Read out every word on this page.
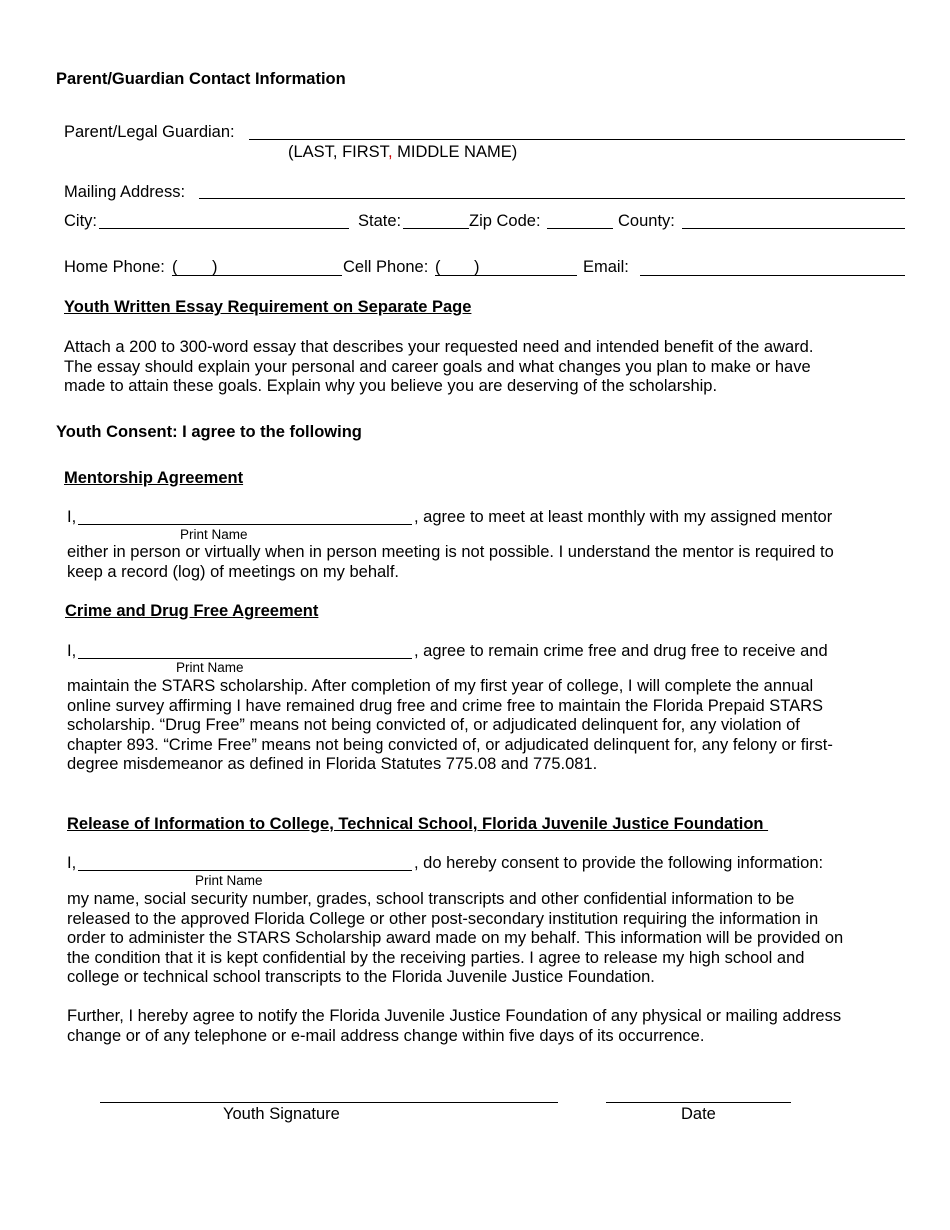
Parent/Guardian Contact Information
Parent/Legal Guardian:
(LAST, FIRST, MIDDLE NAME)
Mailing Address:
City:	State:	Zip Code:	County:
Home Phone: ( )	Cell Phone: ( )	Email:
Youth Written Essay Requirement on Separate Page
Attach a 200 to 300-word essay that describes your requested need and intended benefit of the award.
The essay should explain your personal and career goals and what changes you plan to make or have
made to attain these goals. Explain why you believe you are deserving of the scholarship.
Youth Consent: I agree to the following
Mentorship Agreement
I,	, agree to meet at least monthly with my assigned mentor
Print Name
either in person or virtually when in person meeting is not possible. I understand the mentor is required to
keep a record (log) of meetings on my behalf.
Crime and Drug Free Agreement
I,	, agree to remain crime free and drug free to receive and
Print Name
maintain the STARS scholarship. After completion of my first year of college, I will complete the annual
online survey affirming I have remained drug free and crime free to maintain the Florida Prepaid STARS
scholarship. “Drug Free” means not being convicted of, or adjudicated delinquent for, any violation of
chapter 893. “Crime Free” means not being convicted of, or adjudicated delinquent for, any felony or first-
degree misdemeanor as defined in Florida Statutes 775.08 and 775.081.
Release of Information to College, Technical School, Florida Juvenile Justice Foundation
I,	, do hereby consent to provide the following information:
Print Name
my name, social security number, grades, school transcripts and other confidential information to be
released to the approved Florida College or other post-secondary institution requiring the information in
order to administer the STARS Scholarship award made on my behalf. This information will be provided on
the condition that it is kept confidential by the receiving parties. I agree to release my high school and
college or technical school transcripts to the Florida Juvenile Justice Foundation.
Further, I hereby agree to notify the Florida Juvenile Justice Foundation of any physical or mailing address
change or of any telephone or e-mail address change within five days of its occurrence.
Youth Signature	Date
